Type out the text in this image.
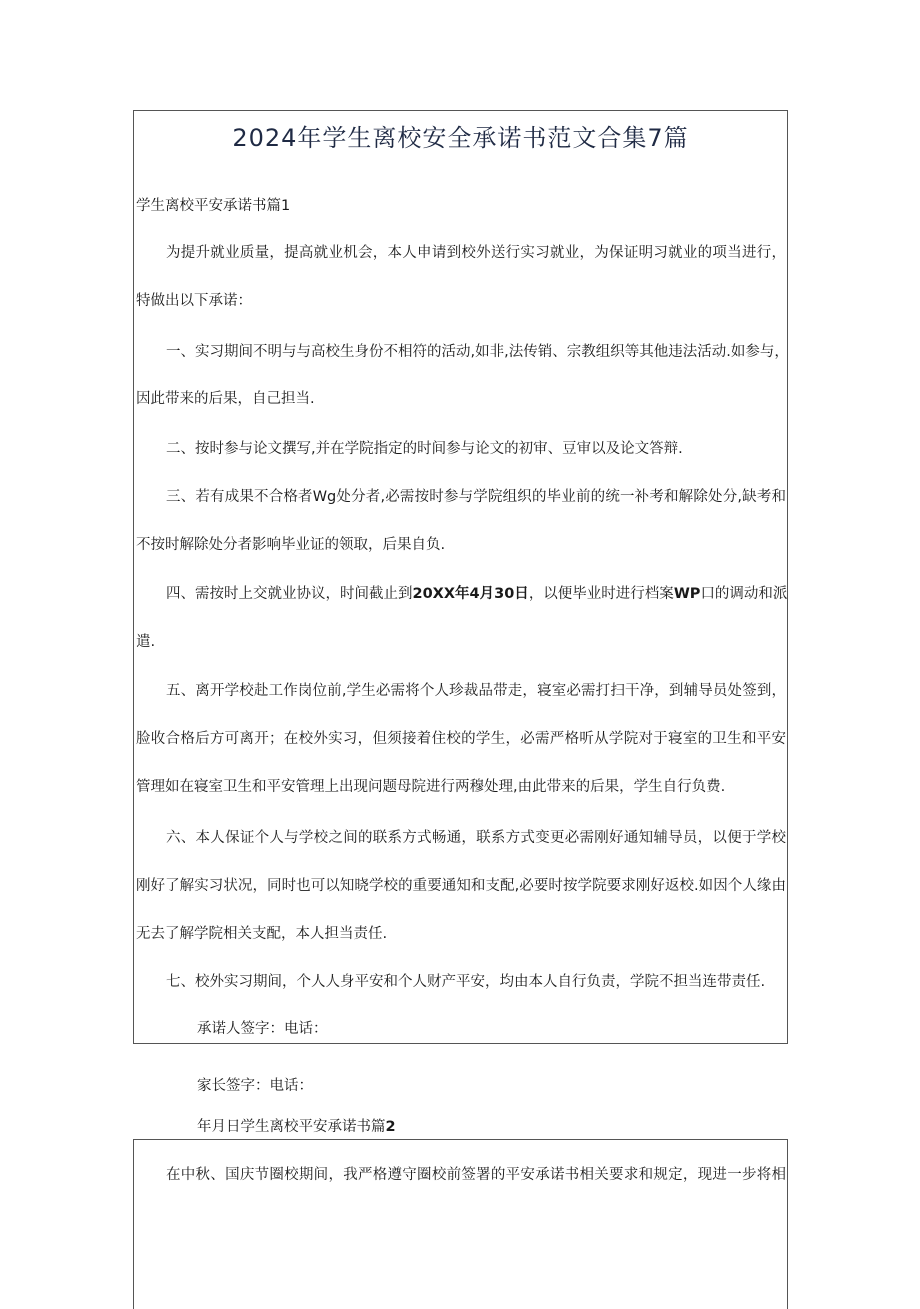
2024年学生离校安全承诺书范文合集7篇
学生离校平安承诺书篇1
为提升就业质量，提高就业机会，本人申请到校外送行实习就业，为保证明习就业的项当进行，
特做出以下承诺：
一、实习期间不明与与高校生身份不相符的活动,如非,法传销、宗教组织等其他违法活动.如参与，
因此带来的后果，自己担当.
二、按时参与论文撰写,并在学院指定的时间参与论文的初审、豆审以及论文答辩.
三、若有成果不合格者Wg处分者,必需按时参与学院组织的毕业前的统一补考和解除处分,缺考和
不按时解除处分者影响毕业证的领取，后果自负.
四、需按时上交就业协议，时间截止到20XX年4月30日，以便毕业时进行档案WP口的调动和派
遣.
五、离开学校赴工作岗位前,学生必需将个人珍裁品带走，寝室必需打扫干净，到辅导员处签到，
脸收合格后方可离开；在校外实习，但须接着住校的学生，必需严格听从学院对于寝室的卫生和平安
管理如在寝室卫生和平安管理上出现问题母院进行两穆处理,由此带来的后果，学生自行负费.
六、本人保证个人与学校之间的联系方式畅通，联系方式变更必需刚好通知辅导员，以便于学校
刚好了解实习状况，同时也可以知晓学校的重要通知和支配,必要时按学院要求刚好返校.如因个人缘由
无去了解学院相关支配，本人担当责任.
七、校外实习期间，个人人身平安和个人财产平安，均由本人自行负责，学院不担当连带责任.
承诺人签字：电话：
家长签字：电话：
年月日学生离校平安承诺书篇2
在中秋、国庆节圈校期间，我严格遵守圈校前签署的平安承诺书相关要求和规定，现进一步将相
